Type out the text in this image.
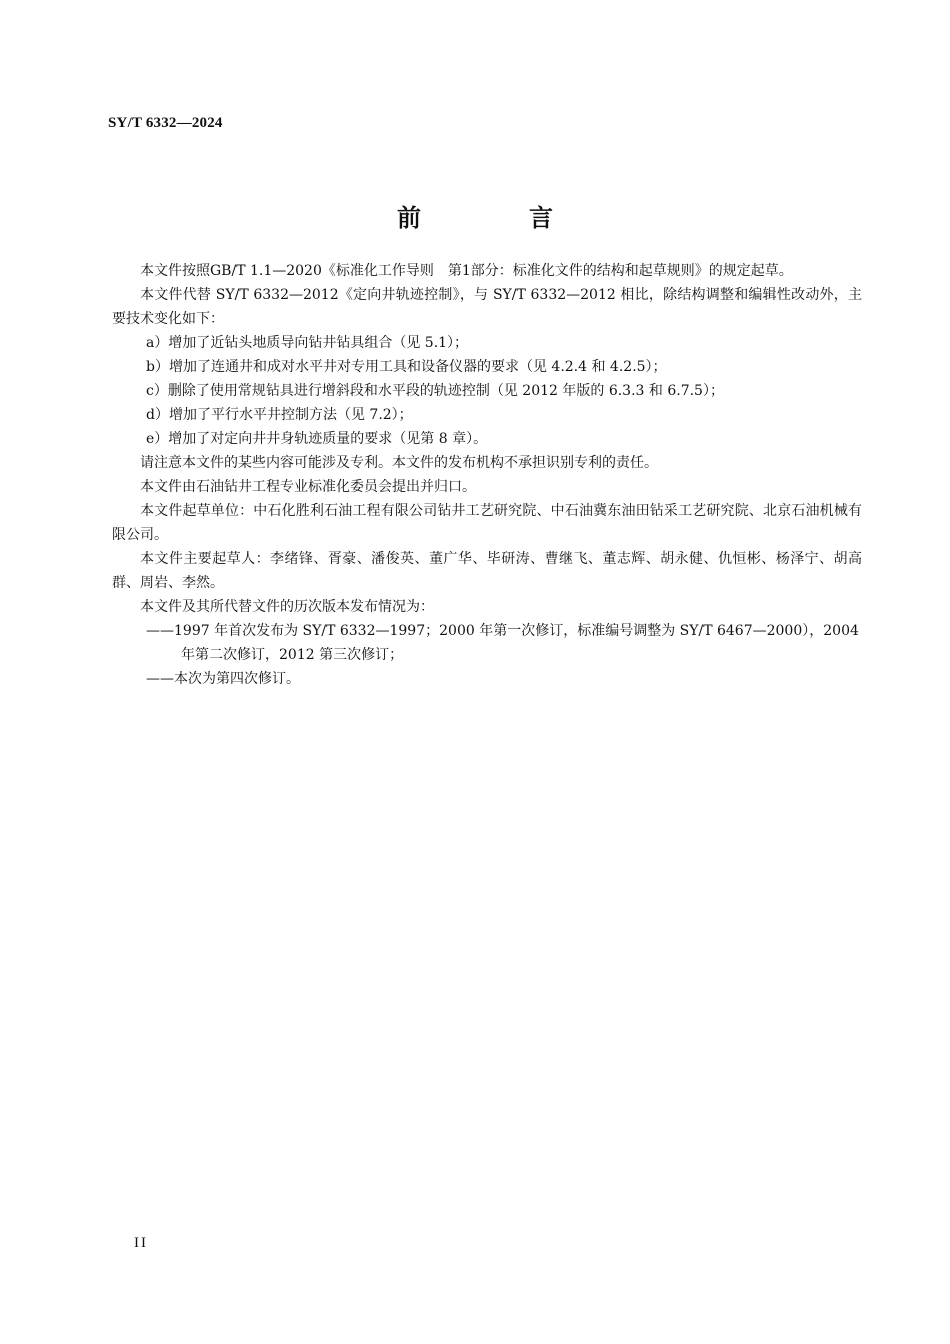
SY/T 6332—2024
前　言

本文件按照GB/T 1.1—2020《标准化工作导则　第1部分：标准化文件的结构和起草规则》的规定起草。

本文件代替 SY/T 6332—2012《定向井轨迹控制》，与 SY/T 6332—2012 相比，除结构调整和编辑性改动外，主要技术变化如下：

a）增加了近钻头地质导向钻井钻具组合（见 5.1）；

b）增加了连通井和成对水平井对专用工具和设备仪器的要求（见 4.2.4 和 4.2.5）；

c）删除了使用常规钻具进行增斜段和水平段的轨迹控制（见 2012 年版的 6.3.3 和 6.7.5）；

d）增加了平行水平井控制方法（见 7.2）；

e）增加了对定向井井身轨迹质量的要求（见第 8 章）。

请注意本文件的某些内容可能涉及专利。本文件的发布机构不承担识别专利的责任。

本文件由石油钻井工程专业标准化委员会提出并归口。

本文件起草单位：中石化胜利石油工程有限公司钻井工艺研究院、中石油冀东油田钻采工艺研究院、北京石油机械有限公司。

本文件主要起草人：李绪锋、胥豪、潘俊英、董广华、毕研涛、曹继飞、董志辉、胡永健、仇恒彬、杨泽宁、胡高群、周岩、李然。

本文件及其所代替文件的历次版本发布情况为：

——1997 年首次发布为 SY/T 6332—1997；2000 年第一次修订，标准编号调整为 SY/T 6467—2000），2004 年第二次修订，2012 第三次修订；

——本次为第四次修订。

II
